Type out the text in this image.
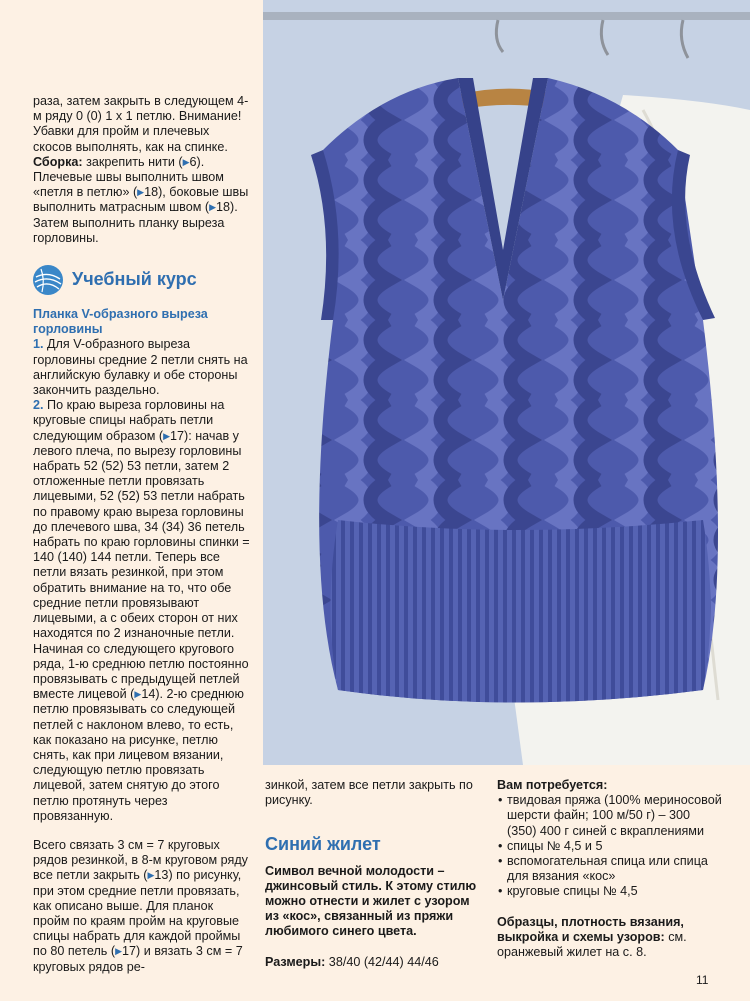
раза, затем закрыть в следующем 4-м ряду 0 (0) 1 x 1 петлю. Внимание! Убавки для пройм и плечевых скосов выполнять, как на спинке.
Сборка: закрепить нити (▶6). Плечевые швы выполнить швом «петля в петлю» (▶18), боковые швы выполнить матрасным швом (▶18). Затем выполнить планку выреза горловины.

Учебный курс

Планка V-образного выреза горловины

1. Для V-образного выреза горловины средние 2 петли снять на английскую булавку и обе стороны закончить раздельно.

2. По краю выреза горловины на круговые спицы набрать петли следующим образом (▶17): начав у левого плеча, по вырезу горловины набрать 52 (52) 53 петли, затем 2 отложенные петли провязать лицевыми, 52 (52) 53 петли набрать по правому краю выреза горловины до плечевого шва, 34 (34) 36 петель набрать по краю горловины спинки = 140 (140) 144 петли. Теперь все петли вязать резинкой, при этом обратить внимание на то, что обе средние петли провязывают лицевыми, а с обеих сторон от них находятся по 2 изнаночные петли. Начиная со следующего кругового ряда, 1-ю среднюю петлю постоянно провязывать с предыдущей петлей вместе лицевой (▶14). 2-ю среднюю петлю провязывать со следующей петлей с наклоном влево, то есть, как показано на рисунке, петлю снять, как при лицевом вязании, следующую петлю провязать лицевой, затем снятую до этого петлю протянуть через провязанную.

Всего связать 3 см = 7 круговых рядов резинкой, в 8-м круговом ряду все петли закрыть (▶13) по рисунку, при этом средние петли провязать, как описано выше. Для планок пройм по краям пройм на круговые спицы набрать для каждой проймы по 80 петель (▶17) и вязать 3 см = 7 круговых рядов ре-

зинкой, затем все петли закрыть по рисунку.

Синий жилет

Символ вечной молодости – джинсовый стиль. К этому стилю можно отнести и жилет с узором из «кос», связанный из пряжи любимого синего цвета.

Размеры: 38/40 (42/44) 44/46

Вам потребуется:

• твидовая пряжа (100% мериносовой шерсти файн; 100 м/50 г) – 300 (350) 400 г синей с вкраплениями
• спицы № 4,5 и 5
• вспомогательная спица или спица для вязания «кос»
• круговые спицы № 4,5

Образцы, плотность вязания, выкройка и схемы узоров: см. оранжевый жилет на с. 8.

11
